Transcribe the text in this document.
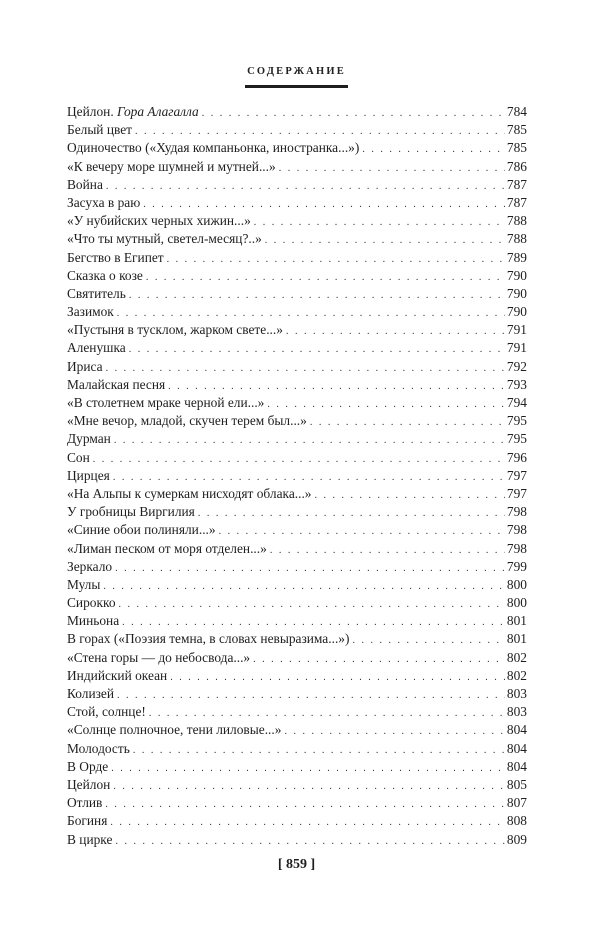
СОДЕРЖАНИЕ
Цейлон. Гора Алагалла . . .	784
Белый цвет . . .	785
Одиночество («Худая компаньонка, иностранка...») . . .	785
«К вечеру море шумней и мутней...» . . .	786
Война . . .	787
Засуха в раю . . .	787
«У нубийских черных хижин...» . . .	788
«Что ты мутный, светел-месяц?..» . . .	788
Бегство в Египет . . .	789
Сказка о козе . . .	790
Святитель . . .	790
Зазимок . . .	790
«Пустыня в тусклом, жарком свете...» . . .	791
Аленушка . . .	791
Ириса . . .	792
Малайская песня . . .	793
«В столетнем мраке черной ели...» . . .	794
«Мне вечор, младой, скучен терем был...» . . .	795
Дурман . . .	795
Сон . . .	796
Цирцея . . .	797
«На Альпы к сумеркам нисходят облака...» . . .	797
У гробницы Виргилия . . .	798
«Синие обои полиняли...» . . .	798
«Лиман песком от моря отделен...» . . .	798
Зеркало . . .	799
Мулы . . .	800
Сирокко . . .	800
Миньона . . .	801
В горах («Поэзия темна, в словах невыразима...») . . .	801
«Стена горы — до небосвода...» . . .	802
Индийский океан . . .	802
Колизей . . .	803
Стой, солнце! . . .	803
«Солнце полночное, тени лиловые...» . . .	804
Молодость . . .	804
В Орде . . .	804
Цейлон . . .	805
Отлив . . .	807
Богиня . . .	808
В цирке . . .	809
[ 859 ]
